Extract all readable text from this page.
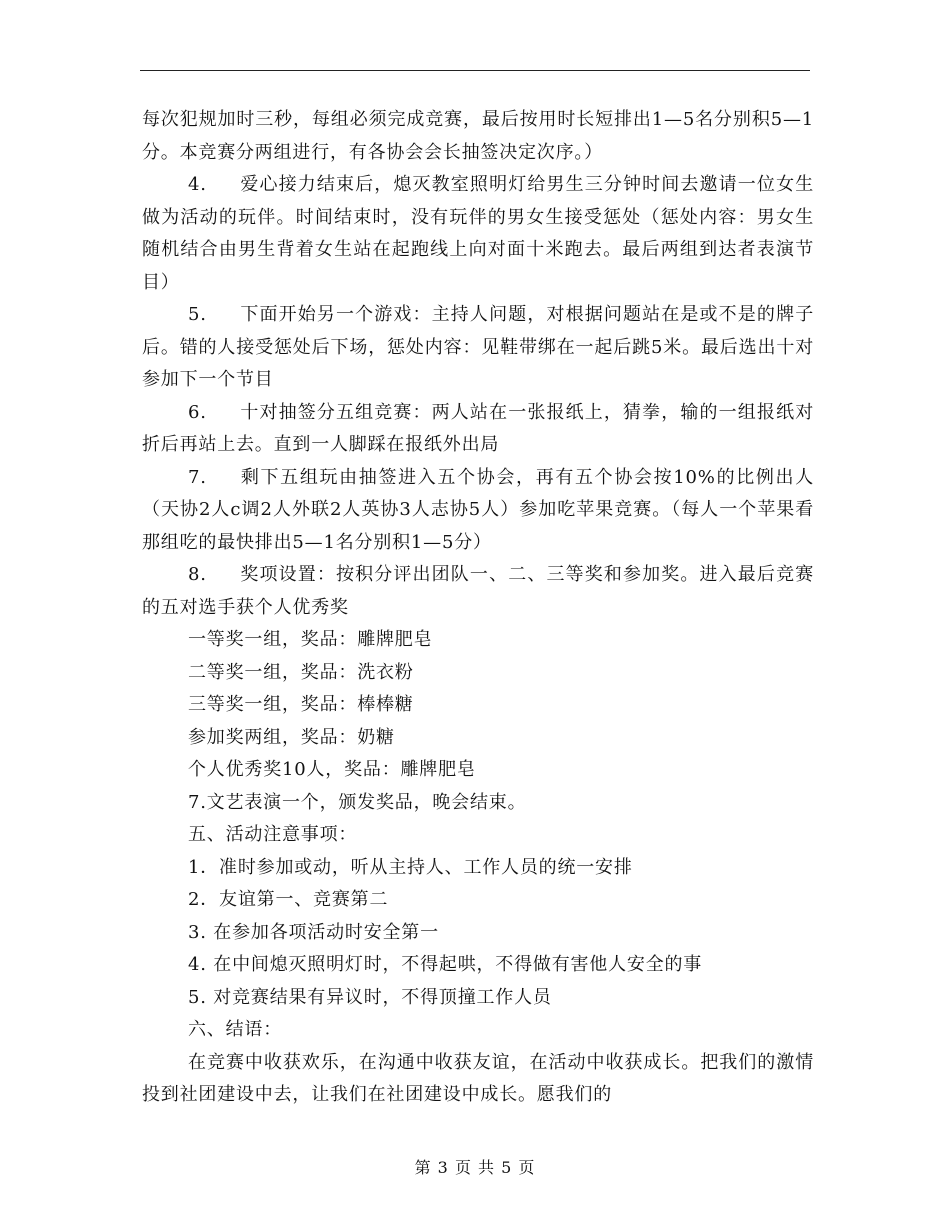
每次犯规加时三秒，每组必须完成竞赛，最后按用时长短排出1—5名分别积5—1分。本竞赛分两组进行，有各协会会长抽签决定次序。）

4. 爱心接力结束后，熄灭教室照明灯给男生三分钟时间去邀请一位女生做为活动的玩伴。时间结束时，没有玩伴的男女生接受惩处（惩处内容：男女生随机结合由男生背着女生站在起跑线上向对面十米跑去。最后两组到达者表演节目）

5. 下面开始另一个游戏：主持人问题，对根据问题站在是或不是的牌子后。错的人接受惩处后下场，惩处内容：见鞋带绑在一起后跳5米。最后选出十对参加下一个节目

6. 十对抽签分五组竞赛：两人站在一张报纸上，猜拳，输的一组报纸对折后再站上去。直到一人脚踩在报纸外出局

7. 剩下五组玩由抽签进入五个协会，再有五个协会按10%的比例出人（天协2人c调2人外联2人英协3人志协5人）参加吃苹果竞赛。（每人一个苹果看那组吃的最快排出5—1名分别积1—5分）

8. 奖项设置：按积分评出团队一、二、三等奖和参加奖。进入最后竞赛的五对选手获个人优秀奖

一等奖一组，奖品：雕牌肥皂

二等奖一组，奖品：洗衣粉

三等奖一组，奖品：棒棒糖

参加奖两组，奖品：奶糖

个人优秀奖10人，奖品：雕牌肥皂

7.文艺表演一个，颁发奖品，晚会结束。

五、活动注意事项：

1．准时参加或动，听从主持人、工作人员的统一安排

2．友谊第一、竞赛第二

3. 在参加各项活动时安全第一

4. 在中间熄灭照明灯时，不得起哄，不得做有害他人安全的事

5. 对竞赛结果有异议时，不得顶撞工作人员

六、结语：

在竞赛中收获欢乐，在沟通中收获友谊，在活动中收获成长。把我们的激情投到社团建设中去，让我们在社团建设中成长。愿我们的

第 3 页 共 5 页
